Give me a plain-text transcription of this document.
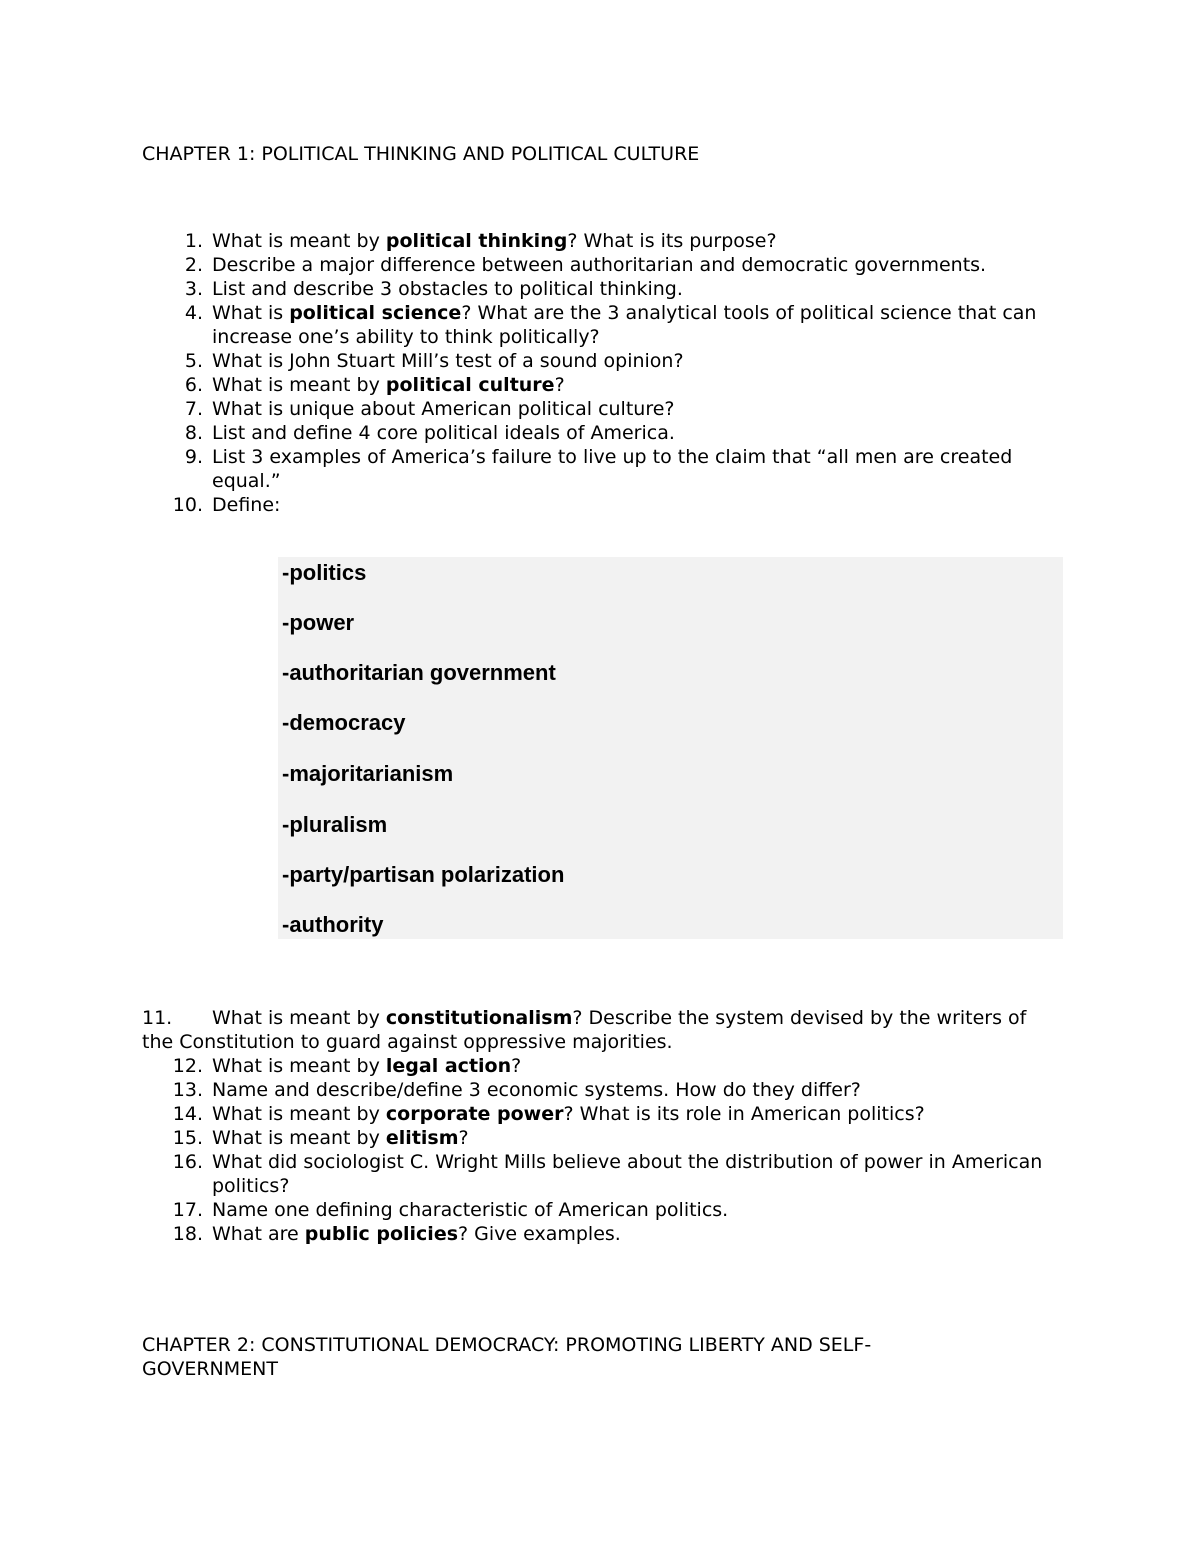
CHAPTER 1: POLITICAL THINKING AND POLITICAL CULTURE
1. What is meant by political thinking? What is its purpose?
2. Describe a major difference between authoritarian and democratic governments.
3. List and describe 3 obstacles to political thinking.
4. What is political science? What are the 3 analytical tools of political science that can increase one’s ability to think politically?
5. What is John Stuart Mill’s test of a sound opinion?
6. What is meant by political culture?
7. What is unique about American political culture?
8. List and define 4 core political ideals of America.
9. List 3 examples of America’s failure to live up to the claim that “all men are created equal.”
10. Define:
-politics
-power
-authoritarian government
-democracy
-majoritarianism
-pluralism
-party/partisan polarization
-authority
11. What is meant by constitutionalism? Describe the system devised by the writers of the Constitution to guard against oppressive majorities.
12. What is meant by legal action?
13. Name and describe/define 3 economic systems. How do they differ?
14. What is meant by corporate power? What is its role in American politics?
15. What is meant by elitism?
16. What did sociologist C. Wright Mills believe about the distribution of power in American politics?
17. Name one defining characteristic of American politics.
18. What are public policies? Give examples.
CHAPTER 2: CONSTITUTIONAL DEMOCRACY: PROMOTING LIBERTY AND SELF-GOVERNMENT
